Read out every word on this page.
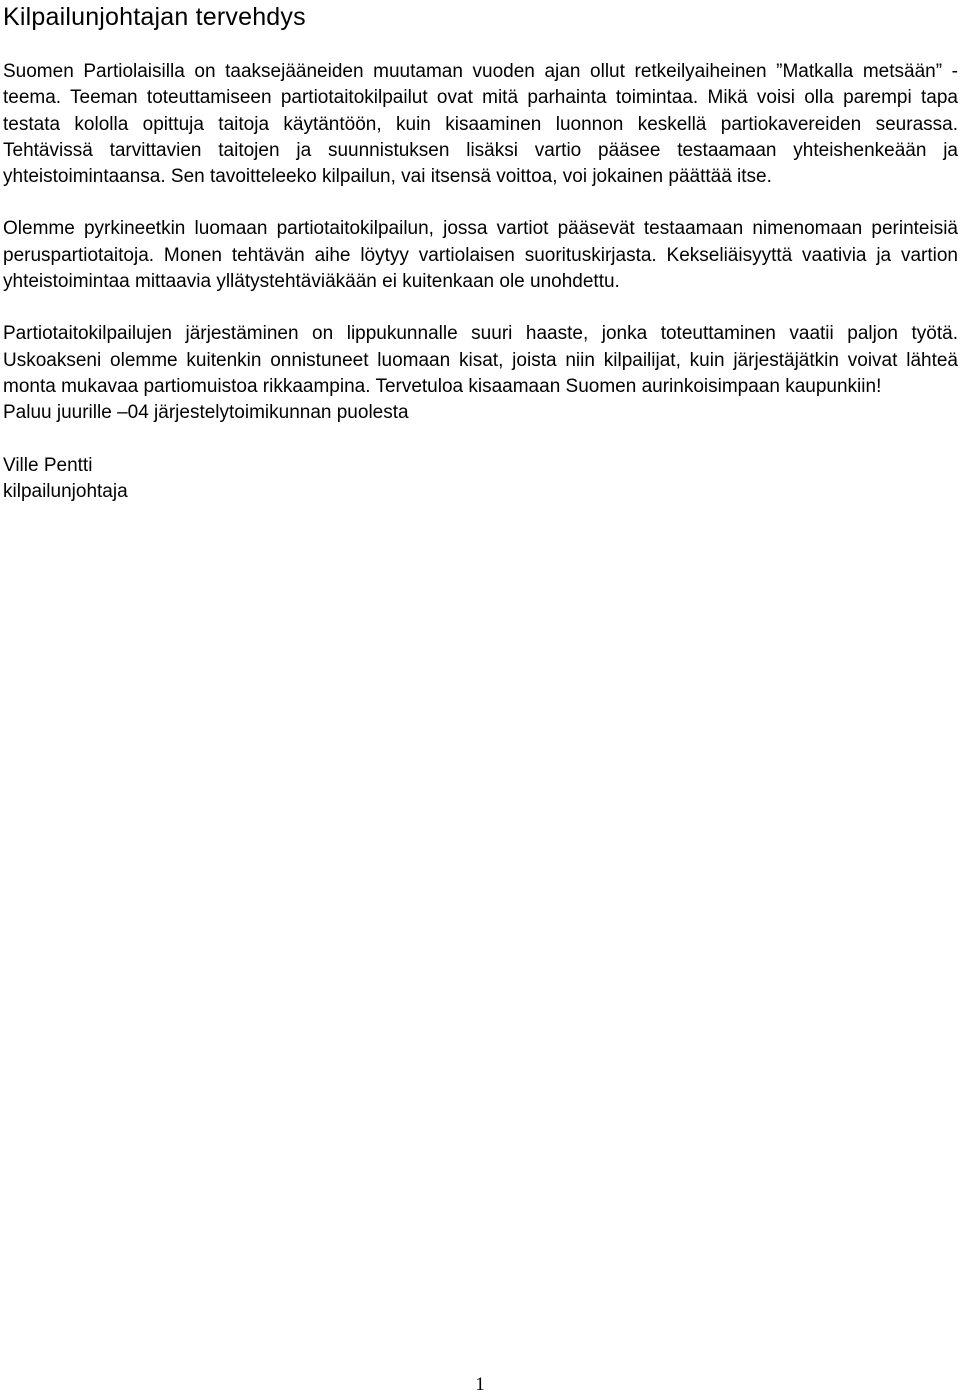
Kilpailunjohtajan tervehdys

Suomen Partiolaisilla on taaksejääneiden muutaman vuoden ajan ollut retkeilyaiheinen ”Matkalla metsään” -teema. Teeman toteuttamiseen partiotaitokilpailut ovat mitä parhainta toimintaa. Mikä voisi olla parempi tapa testata kololla opittuja taitoja käytäntöön, kuin kisaaminen luonnon keskellä partiokavereiden seurassa. Tehtävissä tarvittavien taitojen ja suunnistuksen lisäksi vartio pääsee testaamaan yhteishenkeään ja yhteistoimintaansa. Sen tavoitteleeko kilpailun, vai itsensä voittoa, voi jokainen päättää itse.

Olemme pyrkineetkin luomaan partiotaitokilpailun, jossa vartiot pääsevät testaamaan nimenomaan perinteisiä peruspartiotaitoja. Monen tehtävän aihe löytyy vartiolaisen suorituskirjasta. Kekseliäisyyttä vaativia ja vartion yhteistoimintaa mittaavia yllätystehtäviäkään ei kuitenkaan ole unohdettu.

Partiotaitokilpailujen järjestäminen on lippukunnalle suuri haaste, jonka toteuttaminen vaatii paljon työtä. Uskoakseni olemme kuitenkin onnistuneet luomaan kisat, joista niin kilpailijat, kuin järjestäjätkin voivat lähteä monta mukavaa partiomuistoa rikkaampina. Tervetuloa kisaamaan Suomen aurinkoisimpaan kaupunkiin!

Paluu juurille –04 järjestelytoimikunnan puolesta

Ville Pentti

kilpailunjohtaja

1
